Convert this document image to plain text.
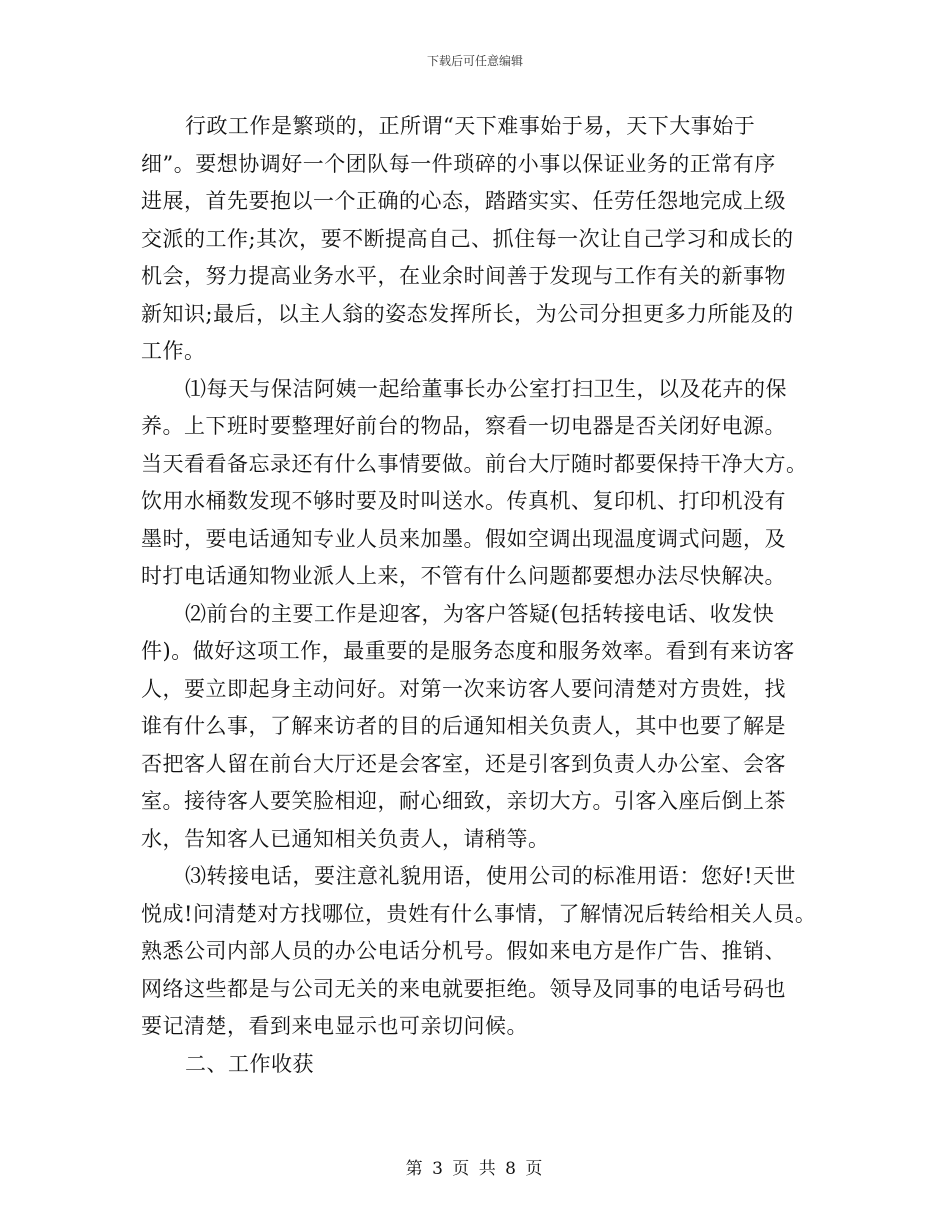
下载后可任意编辑
行政工作是繁琐的，正所谓“天下难事始于易，天下大事始于
细”。要想协调好一个团队每一件琐碎的小事以保证业务的正常有序
进展，首先要抱以一个正确的心态，踏踏实实、任劳任怨地完成上级
交派的工作;其次，要不断提高自己、抓住每一次让自己学习和成长的
机会，努力提高业务水平，在业余时间善于发现与工作有关的新事物
新知识;最后，以主人翁的姿态发挥所长，为公司分担更多力所能及的
工作。
⑴每天与保洁阿姨一起给董事长办公室打扫卫生，以及花卉的保
养。上下班时要整理好前台的物品，察看一切电器是否关闭好电源。
当天看看备忘录还有什么事情要做。前台大厅随时都要保持干净大方。
饮用水桶数发现不够时要及时叫送水。传真机、复印机、打印机没有
墨时，要电话通知专业人员来加墨。假如空调出现温度调式问题，及
时打电话通知物业派人上来，不管有什么问题都要想办法尽快解决。
⑵前台的主要工作是迎客，为客户答疑(包括转接电话、收发快
件)。做好这项工作，最重要的是服务态度和服务效率。看到有来访客
人，要立即起身主动问好。对第一次来访客人要问清楚对方贵姓，找
谁有什么事，了解来访者的目的后通知相关负责人，其中也要了解是
否把客人留在前台大厅还是会客室，还是引客到负责人办公室、会客
室。接待客人要笑脸相迎，耐心细致，亲切大方。引客入座后倒上茶
水，告知客人已通知相关负责人，请稍等。
⑶转接电话，要注意礼貌用语，使用公司的标准用语：您好!天世
悦成!问清楚对方找哪位，贵姓有什么事情，了解情况后转给相关人员。
熟悉公司内部人员的办公电话分机号。假如来电方是作广告、推销、
网络这些都是与公司无关的来电就要拒绝。领导及同事的电话号码也
要记清楚，看到来电显示也可亲切问候。
二、工作收获
第 3 页 共 8 页
